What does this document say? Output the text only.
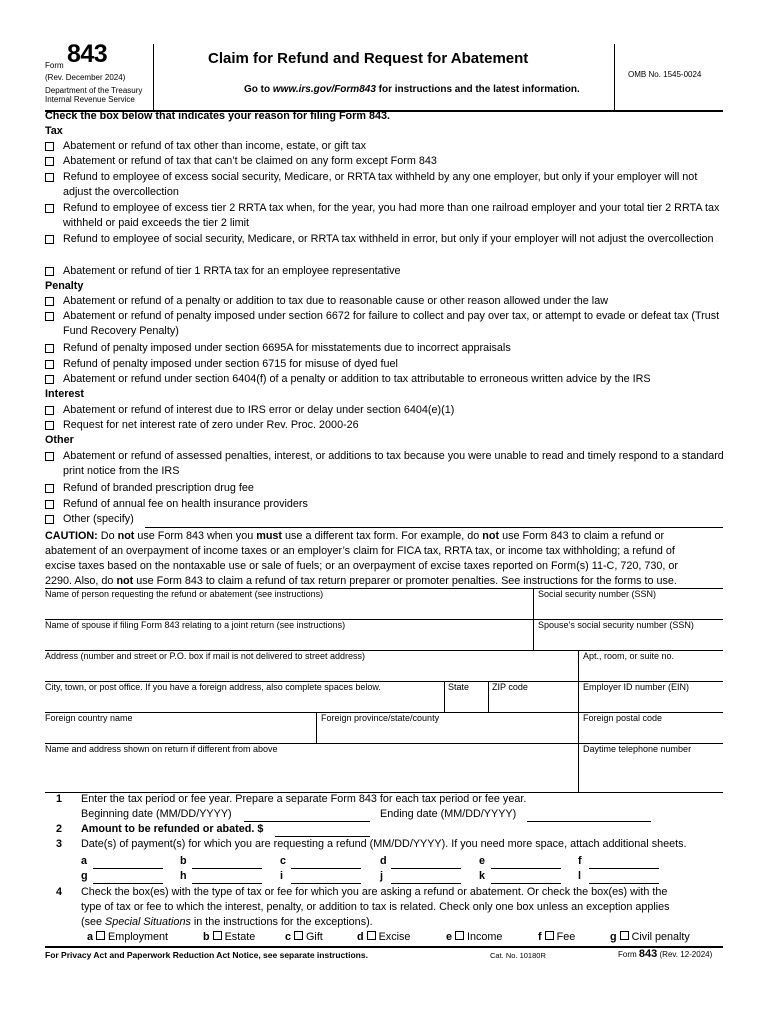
Form 843
(Rev. December 2024)
Department of the Treasury
Internal Revenue Service
Claim for Refund and Request for Abatement
Go to www.irs.gov/Form843 for instructions and the latest information.
OMB No. 1545-0024
Check the box below that indicates your reason for filing Form 843.
Tax
Abatement or refund of tax other than income, estate, or gift tax
Abatement or refund of tax that can’t be claimed on any form except Form 843
Refund to employee of excess social security, Medicare, or RRTA tax withheld by any one employer, but only if your employer will not adjust the overcollection
Refund to employee of excess tier 2 RRTA tax when, for the year, you had more than one railroad employer and your total tier 2 RRTA tax withheld or paid exceeds the tier 2 limit
Refund to employee of social security, Medicare, or RRTA tax withheld in error, but only if your employer will not adjust the overcollection
Abatement or refund of tier 1 RRTA tax for an employee representative
Penalty
Abatement or refund of a penalty or addition to tax due to reasonable cause or other reason allowed under the law
Abatement or refund of penalty imposed under section 6672 for failure to collect and pay over tax, or attempt to evade or defeat tax (Trust Fund Recovery Penalty)
Refund of penalty imposed under section 6695A for misstatements due to incorrect appraisals
Refund of penalty imposed under section 6715 for misuse of dyed fuel
Abatement or refund under section 6404(f) of a penalty or addition to tax attributable to erroneous written advice by the IRS
Interest
Abatement or refund of interest due to IRS error or delay under section 6404(e)(1)
Request for net interest rate of zero under Rev. Proc. 2000-26
Other
Abatement or refund of assessed penalties, interest, or additions to tax because you were unable to read and timely respond to a standard print notice from the IRS
Refund of branded prescription drug fee
Refund of annual fee on health insurance providers
Other (specify)
CAUTION: Do not use Form 843 when you must use a different tax form. For example, do not use Form 843 to claim a refund or
abatement of an overpayment of income taxes or an employer’s claim for FICA tax, RRTA tax, or income tax withholding; a refund of
excise taxes based on the nontaxable use or sale of fuels; or an overpayment of excise taxes reported on Form(s) 11-C, 720, 730, or
2290. Also, do not use Form 843 to claim a refund of tax return preparer or promoter penalties. See instructions for the forms to use.
Name of person requesting the refund or abatement (see instructions)	Social security number (SSN)
Name of spouse if filing Form 843 relating to a joint return (see instructions)	Spouse’s social security number (SSN)
Address (number and street or P.O. box if mail is not delivered to street address)	Apt., room, or suite no.
City, town, or post office. If you have a foreign address, also complete spaces below.	State	ZIP code	Employer ID number (EIN)
Foreign country name	Foreign province/state/county	Foreign postal code
Name and address shown on return if different from above	Daytime telephone number
1 Enter the tax period or fee year. Prepare a separate Form 843 for each tax period or fee year.
Beginning date (MM/DD/YYYY)	Ending date (MM/DD/YYYY)
2 Amount to be refunded or abated. $
3 Date(s) of payment(s) for which you are requesting a refund (MM/DD/YYYY). If you need more space, attach additional sheets.
a	b	c	d	e	f
g	h	i	j	k	l
4 Check the box(es) with the type of tax or fee for which you are asking a refund or abatement. Or check the box(es) with the
type of tax or fee to which the interest, penalty, or addition to tax is related. Check only one box unless an exception applies
(see Special Situations in the instructions for the exceptions).
a Employment	b Estate	c Gift	d Excise	e Income	f Fee	g Civil penalty
For Privacy Act and Paperwork Reduction Act Notice, see separate instructions.	Cat. No. 10180R	Form 843 (Rev. 12-2024)
